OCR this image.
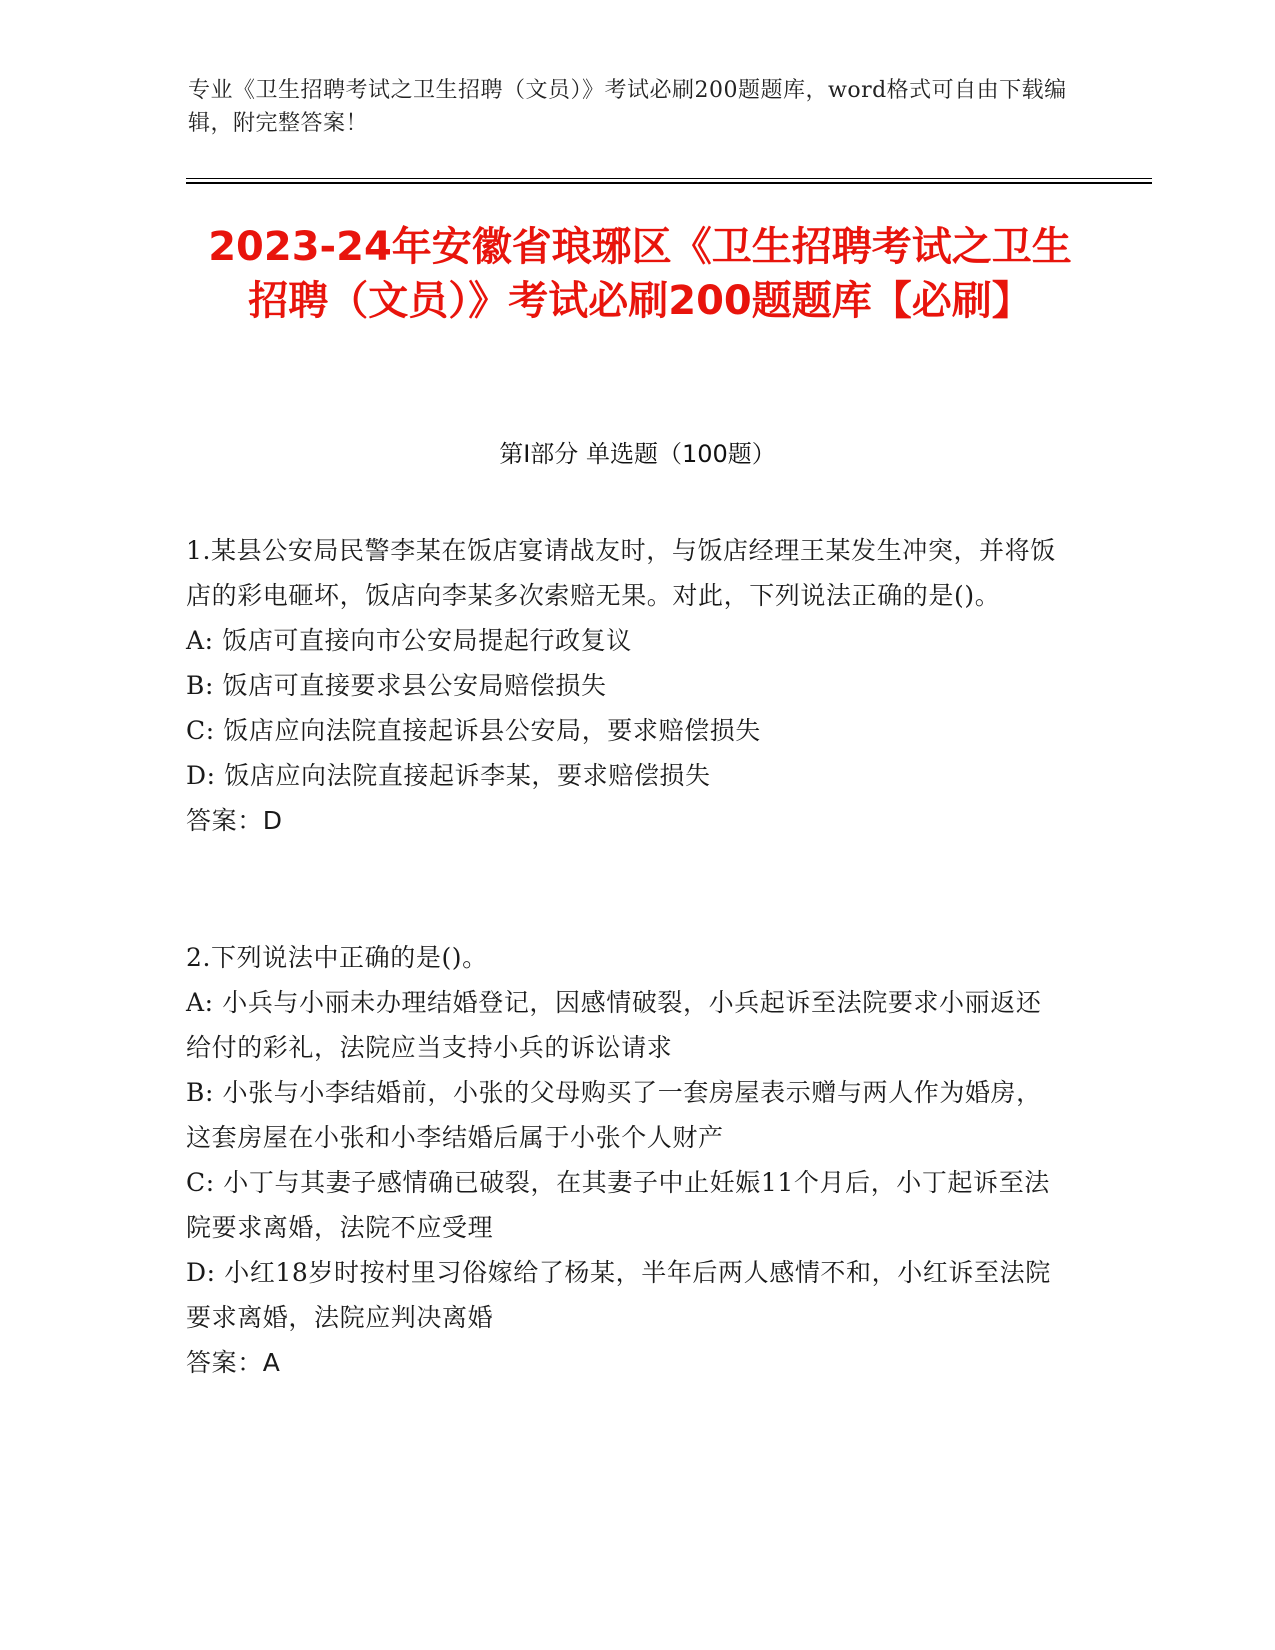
专业《卫生招聘考试之卫生招聘（文员）》考试必刷200题题库，word格式可自由下载编辑，附完整答案！
2023-24年安徽省琅琊区《卫生招聘考试之卫生招聘（文员）》考试必刷200题题库【必刷】
第I部分 单选题（100题）

1.某县公安局民警李某在饭店宴请战友时，与饭店经理王某发生冲突，并将饭店的彩电砸坏，饭店向李某多次索赔无果。对此，下列说法正确的是()。

A: 饭店可直接向市公安局提起行政复议

B: 饭店可直接要求县公安局赔偿损失

C: 饭店应向法院直接起诉县公安局，要求赔偿损失

D: 饭店应向法院直接起诉李某，要求赔偿损失

答案：D

2.下列说法中正确的是()。

A: 小兵与小丽未办理结婚登记，因感情破裂，小兵起诉至法院要求小丽返还给付的彩礼，法院应当支持小兵的诉讼请求

B: 小张与小李结婚前，小张的父母购买了一套房屋表示赠与两人作为婚房，这套房屋在小张和小李结婚后属于小张个人财产

C: 小丁与其妻子感情确已破裂，在其妻子中止妊娠11个月后，小丁起诉至法院要求离婚，法院不应受理

D: 小红18岁时按村里习俗嫁给了杨某，半年后两人感情不和，小红诉至法院要求离婚，法院应判决离婚

答案：A
